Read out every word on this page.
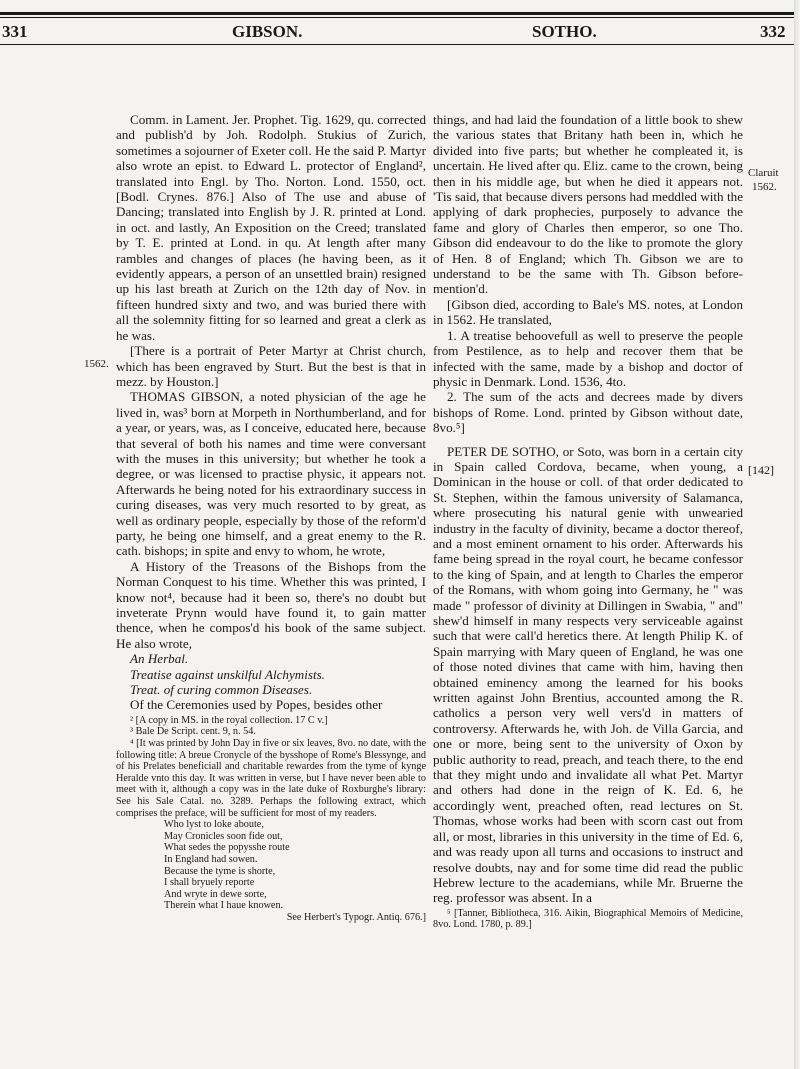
331	GIBSON.	SOTHO.	332
1562.
Claruit
1562.
[142]

Comm. in Lament. Jer. Prophet. Tig. 1629, qu. corrected and publish'd by Joh. Rodolph. Stukius of Zurich, sometimes a sojourner of Exeter coll. He the said P. Martyr also wrote an epist. to Edward L. protector of England², translated into Engl. by Tho. Norton. Lond. 1550, oct. [Bodl. Crynes. 876.] Also of The use and abuse of Dancing; translated into English by J. R. printed at Lond. in oct. and lastly, An Exposition on the Creed; translated by T. E. printed at Lond. in qu. At length after many rambles and changes of places (he having been, as it evidently appears, a person of an unsettled brain) resigned up his last breath at Zurich on the 12th day of Nov. in fifteen hundred sixty and two, and was buried there with all the solemnity fitting for so learned and great a clerk as he was.

[There is a portrait of Peter Martyr at Christ church, which has been engraved by Sturt. But the best is that in mezz. by Houston.]

THOMAS GIBSON, a noted physician of the age he lived in, was³ born at Morpeth in Northumberland, and for a year, or years, was, as I conceive, educated here, because that several of both his names and time were conversant with the muses in this university; but whether he took a degree, or was licensed to practise physic, it appears not. Afterwards he being noted for his extraordinary success in curing diseases, was very much resorted to by great, as well as ordinary people, especially by those of the reform'd party, he being one himself, and a great enemy to the R. cath. bishops; in spite and envy to whom, he wrote,

A History of the Treasons of the Bishops from the Norman Conquest to his time. Whether this was printed, I know not⁴, because had it been so, there's no doubt but inveterate Prynn would have found it, to gain matter thence, when he compos'd his book of the same subject. He also wrote,

An Herbal.

Treatise against unskilful Alchymists.

Treat. of curing common Diseases.

Of the Ceremonies used by Popes, besides other

² [A copy in MS. in the royal collection. 17 C v.]

³ Bale De Script. cent. 9, n. 54.

⁴ [It was printed by John Day in five or six leaves, 8vo. no date, with the following title: A breue Cronycle of the bysshope of Rome's Blessynge, and of his Prelates beneficiall and charitable rewardes from the tyme of kynge Heralde vnto this day. It was written in verse, but I have never been able to meet with it, although a copy was in the late duke of Roxburghe's library: See his Sale Catal. no. 3289. Perhaps the following extract, which comprises the preface, will be sufficient for most of my readers.

Who lyst to loke aboute,
May Cronicles soon fide out,
What sedes the popysshe route
In England had sowen.
Because the tyme is shorte,
I shall bryuely reporte
And wryte in dewe sorte,
Therein what I haue knowen.

See Herbert's Typogr. Antiq. 676.]

things, and had laid the foundation of a little book to shew the various states that Britany hath been in, which he divided into five parts; but whether he compleated it, is uncertain. He lived after qu. Eliz. came to the crown, being then in his middle age, but when he died it appears not. 'Tis said, that because divers persons had meddled with the applying of dark prophecies, purposely to advance the fame and glory of Charles then emperor, so one Tho. Gibson did endeavour to do the like to promote the glory of Hen. 8 of England; which Th. Gibson we are to understand to be the same with Th. Gibson before-mention'd.

[Gibson died, according to Bale's MS. notes, at London in 1562. He translated,

1. A treatise behoovefull as well to preserve the people from Pestilence, as to help and recover them that be infected with the same, made by a bishop and doctor of physic in Denmark. Lond. 1536, 4to.

2. The sum of the acts and decrees made by divers bishops of Rome. Lond. printed by Gibson without date, 8vo.⁵]

PETER DE SOTHO, or Soto, was born in a certain city in Spain called Cordova, became, when young, a Dominican in the house or coll. of that order dedicated to St. Stephen, within the famous university of Salamanca, where prosecuting his natural genie with unwearied industry in the faculty of divinity, became a doctor thereof, and a most eminent ornament to his order. Afterwards his fame being spread in the royal court, he became confessor to the king of Spain, and at length to Charles the emperor of the Romans, with whom going into Germany, he " was made " professor of divinity at Dillingen in Swabia, " and" shew'd himself in many respects very serviceable against such that were call'd heretics there. At length Philip K. of Spain marrying with Mary queen of England, he was one of those noted divines that came with him, having then obtained eminency among the learned for his books written against John Brentius, accounted among the R. catholics a person very well vers'd in matters of controversy. Afterwards he, with Joh. de Villa Garcia, and one or more, being sent to the university of Oxon by public authority to read, preach, and teach there, to the end that they might undo and invalidate all what Pet. Martyr and others had done in the reign of K. Ed. 6, he accordingly went, preached often, read lectures on St. Thomas, whose works had been with scorn cast out from all, or most, libraries in this university in the time of Ed. 6, and was ready upon all turns and occasions to instruct and resolve doubts, nay and for some time did read the public Hebrew lecture to the academians, while Mr. Bruerne the reg. professor was absent. In a

⁵ [Tanner, Bibliotheca, 316. Aikin, Biographical Memoirs of Medicine, 8vo. Lond. 1780, p. 89.]
